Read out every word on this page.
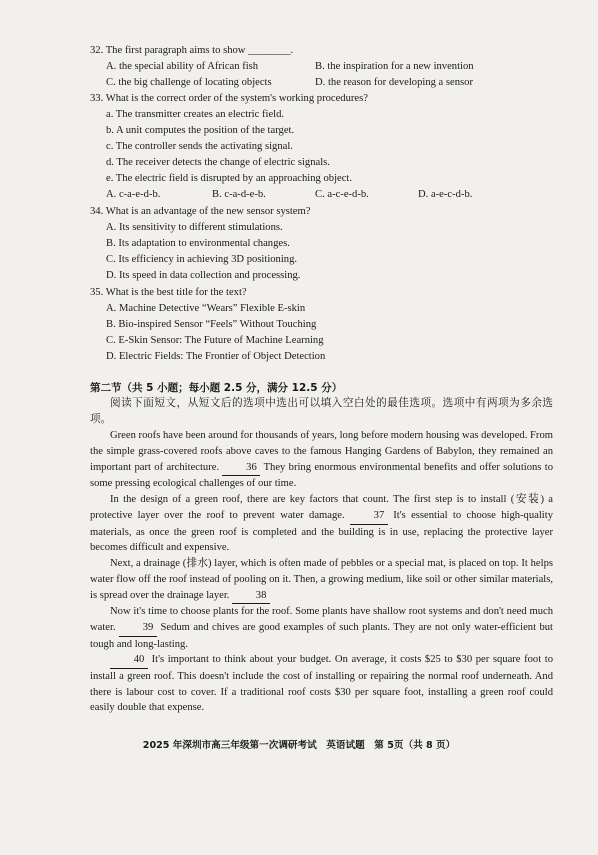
32. The first paragraph aims to show ________.
A. the special ability of African fish	B. the inspiration for a new invention
C. the big challenge of locating objects	D. the reason for developing a sensor
33. What is the correct order of the system's working procedures?
a. The transmitter creates an electric field.
b. A unit computes the position of the target.
c. The controller sends the activating signal.
d. The receiver detects the change of electric signals.
e. The electric field is disrupted by an approaching object.
A. c-a-e-d-b.	B. c-a-d-e-b.	C. a-c-e-d-b.	D. a-e-c-d-b.
34. What is an advantage of the new sensor system?
A. Its sensitivity to different stimulations.
B. Its adaptation to environmental changes.
C. Its efficiency in achieving 3D positioning.
D. Its speed in data collection and processing.
35. What is the best title for the text?
A. Machine Detective “Wears” Flexible E-skin
B. Bio-inspired Sensor “Feels” Without Touching
C. E-Skin Sensor: The Future of Machine Learning
D. Electric Fields: The Frontier of Object Detection
第二节（共 5 小题；每小题 2.5 分，满分 12.5 分）

阅读下面短文，从短文后的选项中选出可以填入空白处的最佳选项。选项中有两项为多余选项。

Green roofs have been around for thousands of years, long before modern housing was developed. From the simple grass-covered roofs above caves to the famous Hanging Gardens of Babylon, they remained an important part of architecture.	36 They bring enormous environmental benefits and offer solutions to some pressing ecological challenges of our time.

In the design of a green roof, there are key factors that count. The first step is to install (安装) a protective layer over the roof to prevent water damage.	37 It's essential to choose high-quality materials, as once the green roof is completed and the building is in use, replacing the protective layer becomes difficult and expensive.

Next, a drainage (排水) layer, which is often made of pebbles or a special mat, is placed on top. It helps water flow off the roof instead of pooling on it. Then, a growing medium, like soil or other similar materials, is spread over the drainage layer. 38

Now it's time to choose plants for the roof. Some plants have shallow root systems and don't need much water.	39 Sedum and chives are good examples of such plants. They are not only water-efficient but tough and long-lasting.

40 It's important to think about your budget. On average, it costs $25 to $30 per square foot to install a green roof. This doesn't include the cost of installing or repairing the normal roof underneath. And there is labour cost to cover. If a traditional roof costs $30 per square foot, installing a green roof could easily double that expense.

2025 年深圳市高三年级第一次调研考试　英语试题　第 5页（共 8 页）
